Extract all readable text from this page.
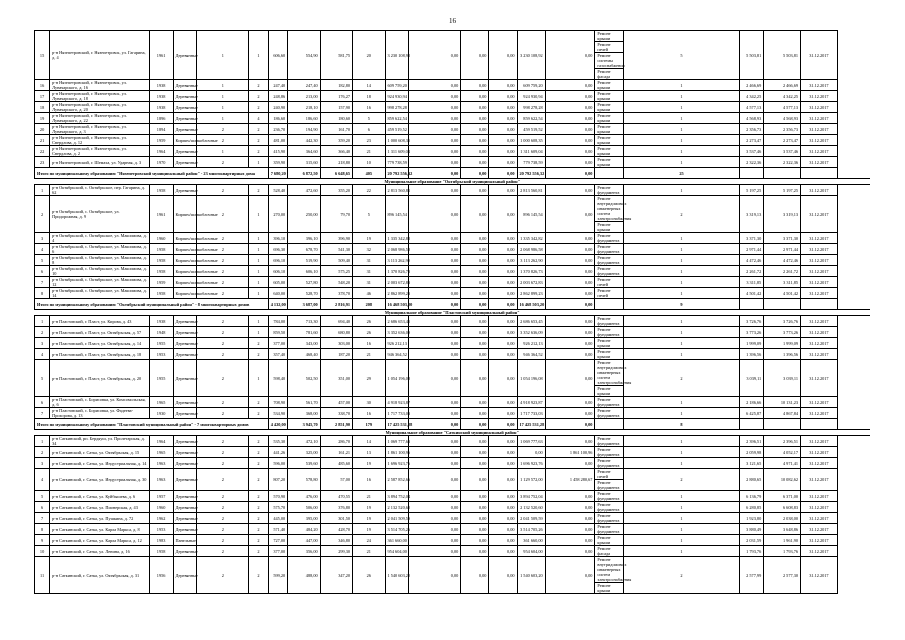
16
15	р-н Нязепетровский, г. Нязепетровск, ул. Гагарина, д. 4	1961	Деревянные	1	1	606,60	554,90	581,75	20	3 230 108,92	0,00	0,00	0,00	3 230 108,92	0,00	Ремонт крыши
Ремонт печей
Ремонт системы газоснабжения
Ремонт фасада	5	5 503,81	5 503,81	31.12.2017
16	р-н Нязепетровский, г. Нязепетровск, ул. Луначарского, д. 16	1938	Деревянные	1	2	247,40	247,40	182,80	14	609 759,20	0,00	0,00	0,00	609 759,20	0,00	Ремонт крыши	1	2 466,69	2 466,69	31.12.2017
17	р-н Нязепетровский, г. Нязепетровск, ул. Луначарского, д. 18	1938	Деревянные	1	2	248,86	213,00	176,27	18	924 930,94	0,00	0,00	0,00	924 930,94	0,00	Ремонт крыши	1	4 342,25	4 342,25	31.12.2017
18	р-н Нязепетровский, г. Нязепетровск, ул. Луначарского, д. 20	1938	Деревянные	1	2	240,90	218,10	157,90	16	998 278,28	0,00	0,00	0,00	998 278,28	0,00	Ремонт крыши	1	4 577,13	4 577,13	31.12.2017
19	р-н Нязепетровский, г. Нязепетровск, ул. Луначарского, д. 22	1896	Деревянные	1	4	186,60	186,60	180,60	5	859 622,54	0,00	0,00	0,00	859 622,54	0,00	Ремонт крыши	1	4 568,93	4 568,93	31.12.2017
20	р-н Нязепетровский, г. Нязепетровск, ул. Луначарского, д. 3	1894	Деревянные	2	2	236,70	194,90	161,70	6	459 519,52	0,00	0,00	0,00	459 519,52	0,00	Ремонт крыши	1	2 356,73	2 356,73	31.12.2017
21	р-н Нязепетровский, г. Нязепетровск, ул. Свердлова, д. 12	1959	Кирпич/шлакоблочные	2	2	481,00	442,30	359,20	23	1 000 608,35	0,00	0,00	0,00	1 000 608,35	0,00	Ремонт крыши	1	2 273,47	2 273,47	31.12.2017
22	р-н Нязепетровский, г. Нязепетровск, ул. Свердлова, д. 2	1964	Деревянные	1	2	415,90	364,60	366,40	21	1 311 609,04	0,00	0,00	0,00	1 311 609,04	0,00	Ремонт крыши	1	3 537,46	3 537,46	31.12.2017
23	р-н Нязепетровский, г. Шемаха, ул. Ударная, д. 3	1970	Деревянные	2	1	359,90	315,60	218,80	10	779 738,59	0,00	0,00	0,00	779 738,59	0,00	Ремонт крыши	1	2 322,36	2 322,36	31.12.2017
Итого по муниципальному образованию "Нязепетровский муниципальный район" - 23 многоквартирных дома						7 680,20	6 872,50	6 648,65	405	20 792 556,32	0,00	0,00	0,00	20 792 556,32	0,00		25			
Муниципальное образование "Октябрьский муниципальный район"																				
1	р-н Октябрьский, с. Октябрьское, пер. Гагарина, д. 62	1958	Деревянные	2	2	528,40	472,60	355,20	22	2 813 560,81	0,00	0,00	0,00	2 813 560,81	0,00	Ремонт фундамента	1	5 197,25	5 197,25	31.12.2017
2	р-н Октябрьский, с. Октябрьское, ул. Придорожная, д. 9	1961	Кирпич/шлакоблочные	2	1	270,00	250,00	79,70	5	896 145,54	0,00	0,00	0,00	896 145,54	0,00	Ремонт внутридомовых инженерных систем электроснабжения
Ремонт крыши	2	3 319,13	3 319,13	31.12.2017
3	р-н Октябрьский, с. Октябрьское, ул. Максимова, д. 4	1960	Кирпич/шлакоблочные	2	1	396,10	396,10	396,90	19	1 335 342,82	0,00	0,00	0,00	1 335 342,82	0,00	Ремонт фундамента	1	3 371,30	3 371,30	31.12.2017
4	р-н Октябрьский, с. Октябрьское, ул. Максимова, д. 6	1958	Кирпич/шлакоблочные	2	1	696,30	678,70	541,30	32	2 068 986,58	0,00	0,00	0,00	2 068 986,58	0,00	Ремонт фундамента	1	2 971,44	2 971,44	31.12.2017
5	р-н Октябрьский, с. Октябрьское, ул. Максимова, д. 8	1958	Кирпич/шлакоблочные	2	1	696,10	519,90	509,40	31	3 113 262,90	0,00	0,00	0,00	3 113 262,90	0,00	Ремонт фундамента	1	4 472,46	4 472,46	31.12.2017
6	р-н Октябрьский, с. Октябрьское, ул. Максимова, д. 10	1958	Кирпич/шлакоблочные	2	1	606,10	606,10	575,25	31	1 370 826,73	0,00	0,00	0,00	1 370 826,73	0,00	Ремонт фундамента	1	2 261,72	2 261,72	31.12.2017
7	р-н Октябрьский, с. Октябрьское, ул. Максимова, д. 12	1959	Кирпич/шлакоблочные	2	1	605,00	527,80	548,20	31	2 003 672,83	0,00	0,00	0,00	2 003 672,83	0,00	Ремонт печей	1	3 311,85	3 311,85	31.12.2017
8	р-н Октябрьский, с. Октябрьское, ул. Максимова, д. 14	1958	Кирпич/шлакоблочные	2	1	640,00	528,70	378,70	46	2 862 899,23	0,00	0,00	0,00	2 862 899,23	0,00	Ремонт печей	1	4 501,42	4 501,42	31.12.2017
Итого по муниципальному образованию "Октябрьский муниципальный район" - 8 многоквартирных домов						4 132,00	3 687,00	2 816,91	208	16 468 503,20	0,00	0,00	0,00	16 468 503,20	0,00		9			
Муниципальное образование "Пластовский муниципальный район"																				
1	р-н Пластовский, г. Пласт, ул. Кирова, д. 43	1938	Деревянные	2	1	784,00	713,30	694,40	26	2 686 653,45	0,00	0,00	0,00	2 686 653,45	0,00	Ремонт фундамента	1	3 726,76	3 726,76	31.12.2017
2	р-н Пластовский, г. Пласт, ул. Октябрьская, д. 57	1948	Деревянные	2	1	859,50	781,60	680,80	26	3 352 636,09	0,00	0,00	0,00	3 352 636,09	0,00	Ремонт фундамента	1	3 773,26	3 773,26	31.12.2017
3	р-н Пластовский, г. Пласт, ул. Октябрьская, д. 14	1955	Деревянные	2	2	377,00	343,00	303,00	16	926 212,13	0,00	0,00	0,00	926 212,13	0,00	Ремонт крыши	1	1 999,09	1 999,09	31.12.2017
4	р-н Пластовский, г. Пласт, ул. Октябрьская, д. 18	1953	Деревянные	2	2	357,40	468,40	187,20	21	946 364,52	0,00	0,00	0,00	946 364,52	0,00	Ремонт крыши	1	1 396,56	1 396,56	31.12.2017
5	р-н Пластовский, г. Пласт, ул. Октябрьская, д. 20	1955	Деревянные	2	1	598,40	502,50	351,00	29	1 054 196,08	0,00	0,00	0,00	1 054 196,08	0,00	Ремонт внутридомовых инженерных систем электроснабжения
Ремонт крыши	2	3 039,11	3 039,11	31.12.2017
6	р-н Пластовский, с. Борисовка, ул. Комсомольская, д. 6	1965	Деревянные	2	2	708,90	561,70	457,00	30	4 918 923,87	0,00	0,00	0,00	4 918 923,87	0,00	Ремонт фундамента	1	2 186,66	10 131,23	31.12.2017
7	р-н Пластовский, с. Борисовка, ул. Фадеева-Прохорова, д. 13	1930	Деревянные	2	2	534,90	368,00	338,70	16	1 717 733,03	0,00	0,00	0,00	1 717 733,03	0,00	Ремонт фундамента	1	6 425,87	4 867,84	31.12.2017
Итого по муниципальному образованию "Пластовский муниципальный район" - 7 многоквартирных домов						4 420,00	3 945,70	2 851,90	179	17 425 531,28	0,00	0,00	0,00	17 425 531,28	0,00		8			
Муниципальное образование "Саткинский муниципальный район"																				
1	р-н Саткинский, рп. Бердяуш, ул. Пролетарская, д. 34	1964	Деревянные	2	2	535,30	472,10	286,70	14	1 069 777,63	0,00	0,00	0,00	1 069 777,63	0,00	Ремонт фундамента	1	2 396,51	2 396,51	31.12.2017
2	р-н Саткинский, г. Сатка, ул. Октябрьская, д. 15	1965	Деревянные	2	2	441,26	325,00	161,21	13	1 861 100,96	0,00	0,00	0,00	0,00	1 861 100,96	Ремонт фундамента	1	2 059,98	4 052,17	31.12.2017
3	р-н Саткинский, г. Сатка, ул. Индустриальная, д. 14	1963	Деревянные	2	2	596,00	539,60	485,60	19	1 696 923,76	0,00	0,00	0,00	1 696 923,76	0,00	Ремонт фундамента	1	3 121,65	4 971,41	31.12.2017
4	р-н Саткинский, г. Сатка, ул. Индустриальная, д. 30	1963	Деревянные	2	2	807,20	578,80	57,00	16	2 587 852,66	0,00	0,00	0,00	1 129 572,00	1 458 280,67	Ремонт печей
Ремонт фундамента	2	2 880,65	10 082,62	31.12.2017
5	р-н Саткинский, г. Сатка, ул. Куйбышева, д. 6	1957	Деревянные	2	2	570,90	476,00	470,55	21	3 894 752,04	0,00	0,00	0,00	3 894 752,04	0,00	Ремонт фундамента	1	6 136,79	6 371,00	31.12.2017
6	р-н Саткинский, г. Сатка, ул. Пионерская, д. 43	1960	Деревянные	2	2	575,70	506,00	376,80	19	2 132 520,60	0,00	0,00	0,00	2 132 520,60	0,00	Ремонт фундамента	1	6 280,85	6 608,83	31.12.2017
7	р-н Саткинский, г. Сатка, ул. Пушкина, д. 72	1962	Деревянные	2	2	445,00	395,00	301,50	19	2 041 509,59	0,00	0,00	0,00	2 041 509,59	0,00	Ремонт фундамента	1	1 923,80	2 038,00	31.12.2017
8	р-н Саткинский, г. Сатка, ул. Карла Маркса, д. 8	1953	Деревянные	2	2	571,40	484,20	428,70	19	3 514 705,26	0,00	0,00	0,00	3 514 705,26	0,00	Ремонт фундамента	1	3 880,49	3 648,86	31.12.2017
9	р-н Саткинский, г. Сатка, ул. Карла Маркса, д. 12	1983	Панельные	2	2	727,00	447,00	346,80	24	361 660,00	0,00	0,00	0,00	361 660,00	0,00	Ремонт крыши	1	2 031,59	1 961,90	31.12.2017
10	р-н Саткинский, г. Сатка, ул. Ленина, д. 16	1958	Деревянные	2	2	377,00	356,00	299,30	21	954 604,00	0,00	0,00	0,00	954 604,00	0,00	Ремонт фасада	1	1 793,76	1 793,76	31.12.2017
11	р-н Саткинский, г. Сатка, ул. Октябрьская, д. 31	1956	Деревянные	2	2	599,20	488,00	347,20	26	1 540 603,20	0,00	0,00	0,00	1 540 603,20	0,00	Ремонт внутридомовых инженерных систем электроснабжения
Ремонт крыши	2	2 577,99	2 577,30	31.12.2017
